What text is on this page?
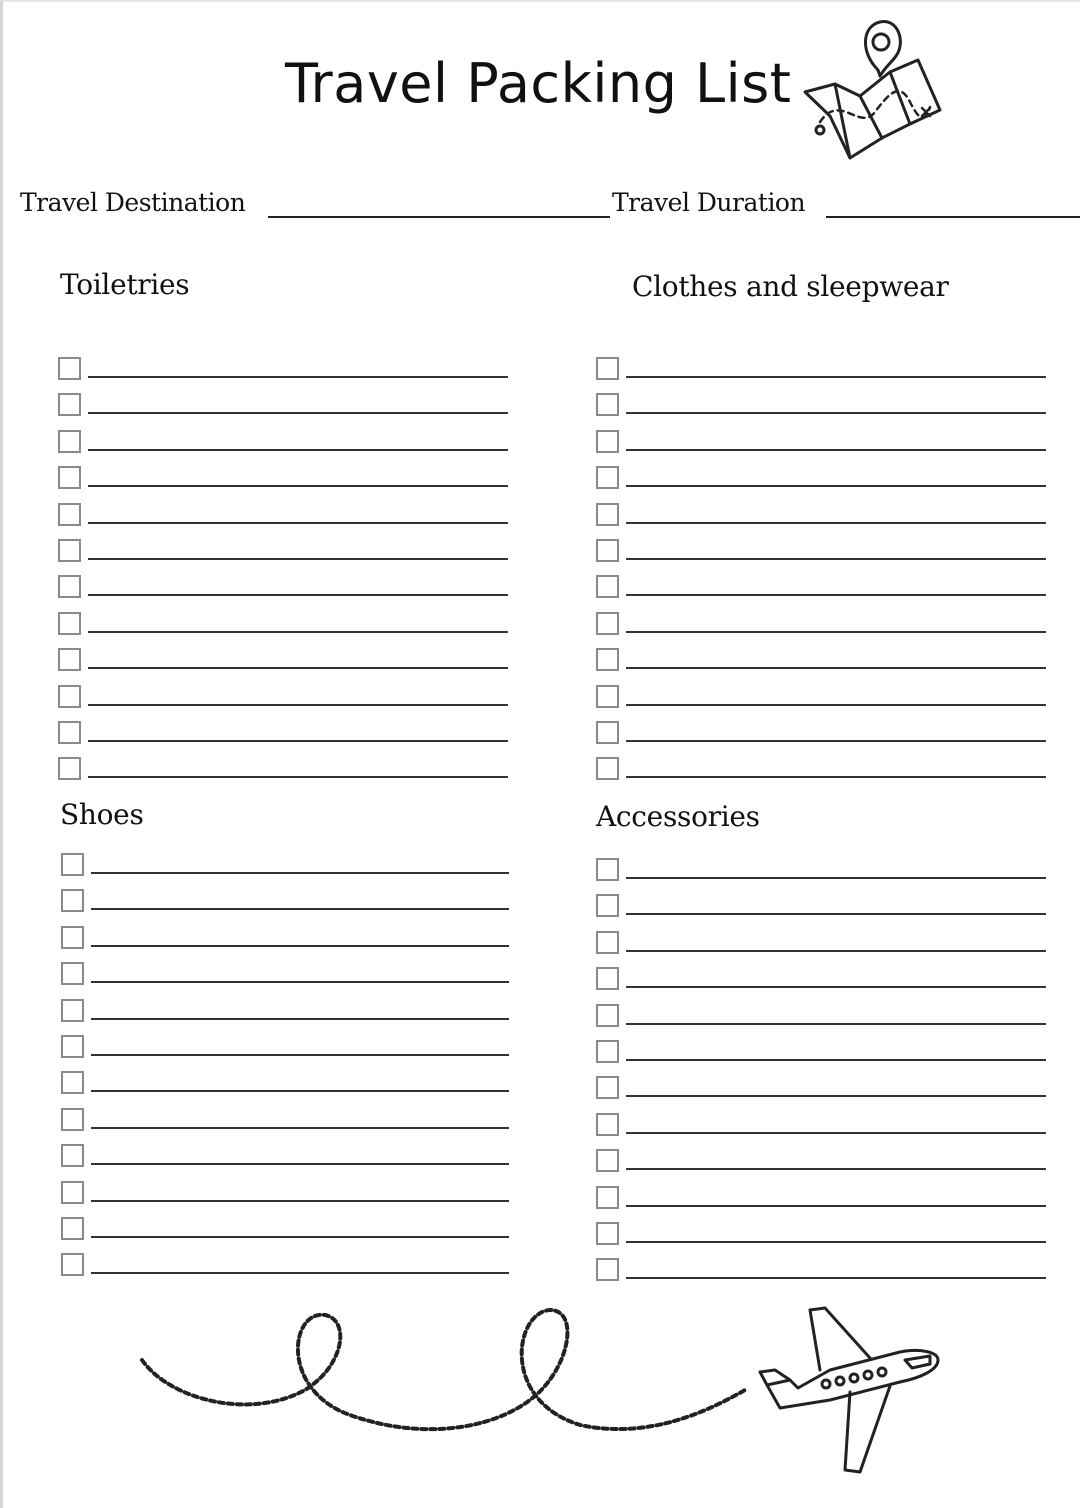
Travel Packing List
Travel Destination	Travel Duration
Toiletries	Clothes and sleepwear
Shoes	Accessories
